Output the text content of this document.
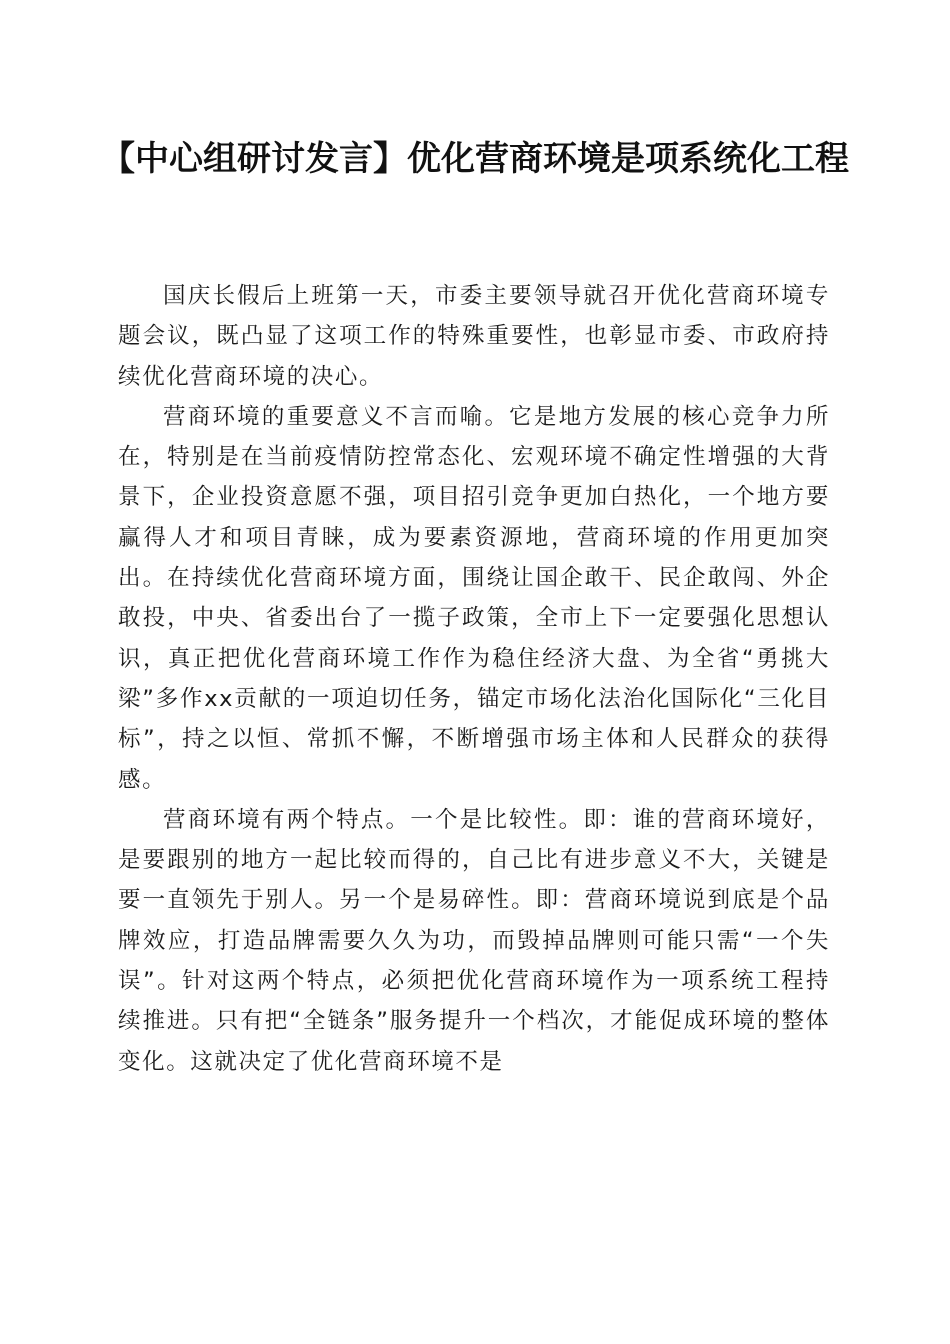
【中心组研讨发言】优化营商环境是项系统化工程

国庆长假后上班第一天，市委主要领导就召开优化营商环境专题会议，既凸显了这项工作的特殊重要性，也彰显市委、市政府持续优化营商环境的决心。

营商环境的重要意义不言而喻。它是地方发展的核心竞争力所在，特别是在当前疫情防控常态化、宏观环境不确定性增强的大背景下，企业投资意愿不强，项目招引竞争更加白热化，一个地方要赢得人才和项目青睐，成为要素资源地，营商环境的作用更加突出。在持续优化营商环境方面，围绕让国企敢干、民企敢闯、外企敢投，中央、省委出台了一揽子政策，全市上下一定要强化思想认识，真正把优化营商环境工作作为稳住经济大盘、为全省“勇挑大梁”多作xx贡献的一项迫切任务，锚定市场化法治化国际化“三化目标”，持之以恒、常抓不懈，不断增强市场主体和人民群众的获得感。

营商环境有两个特点。一个是比较性。即：谁的营商环境好，是要跟别的地方一起比较而得的，自己比有进步意义不大，关键是要一直领先于别人。另一个是易碎性。即：营商环境说到底是个品牌效应，打造品牌需要久久为功，而毁掉品牌则可能只需“一个失误”。针对这两个特点，必须把优化营商环境作为一项系统工程持续推进。只有把“全链条”服务提升一个档次，才能促成环境的整体变化。这就决定了优化营商环境不是
